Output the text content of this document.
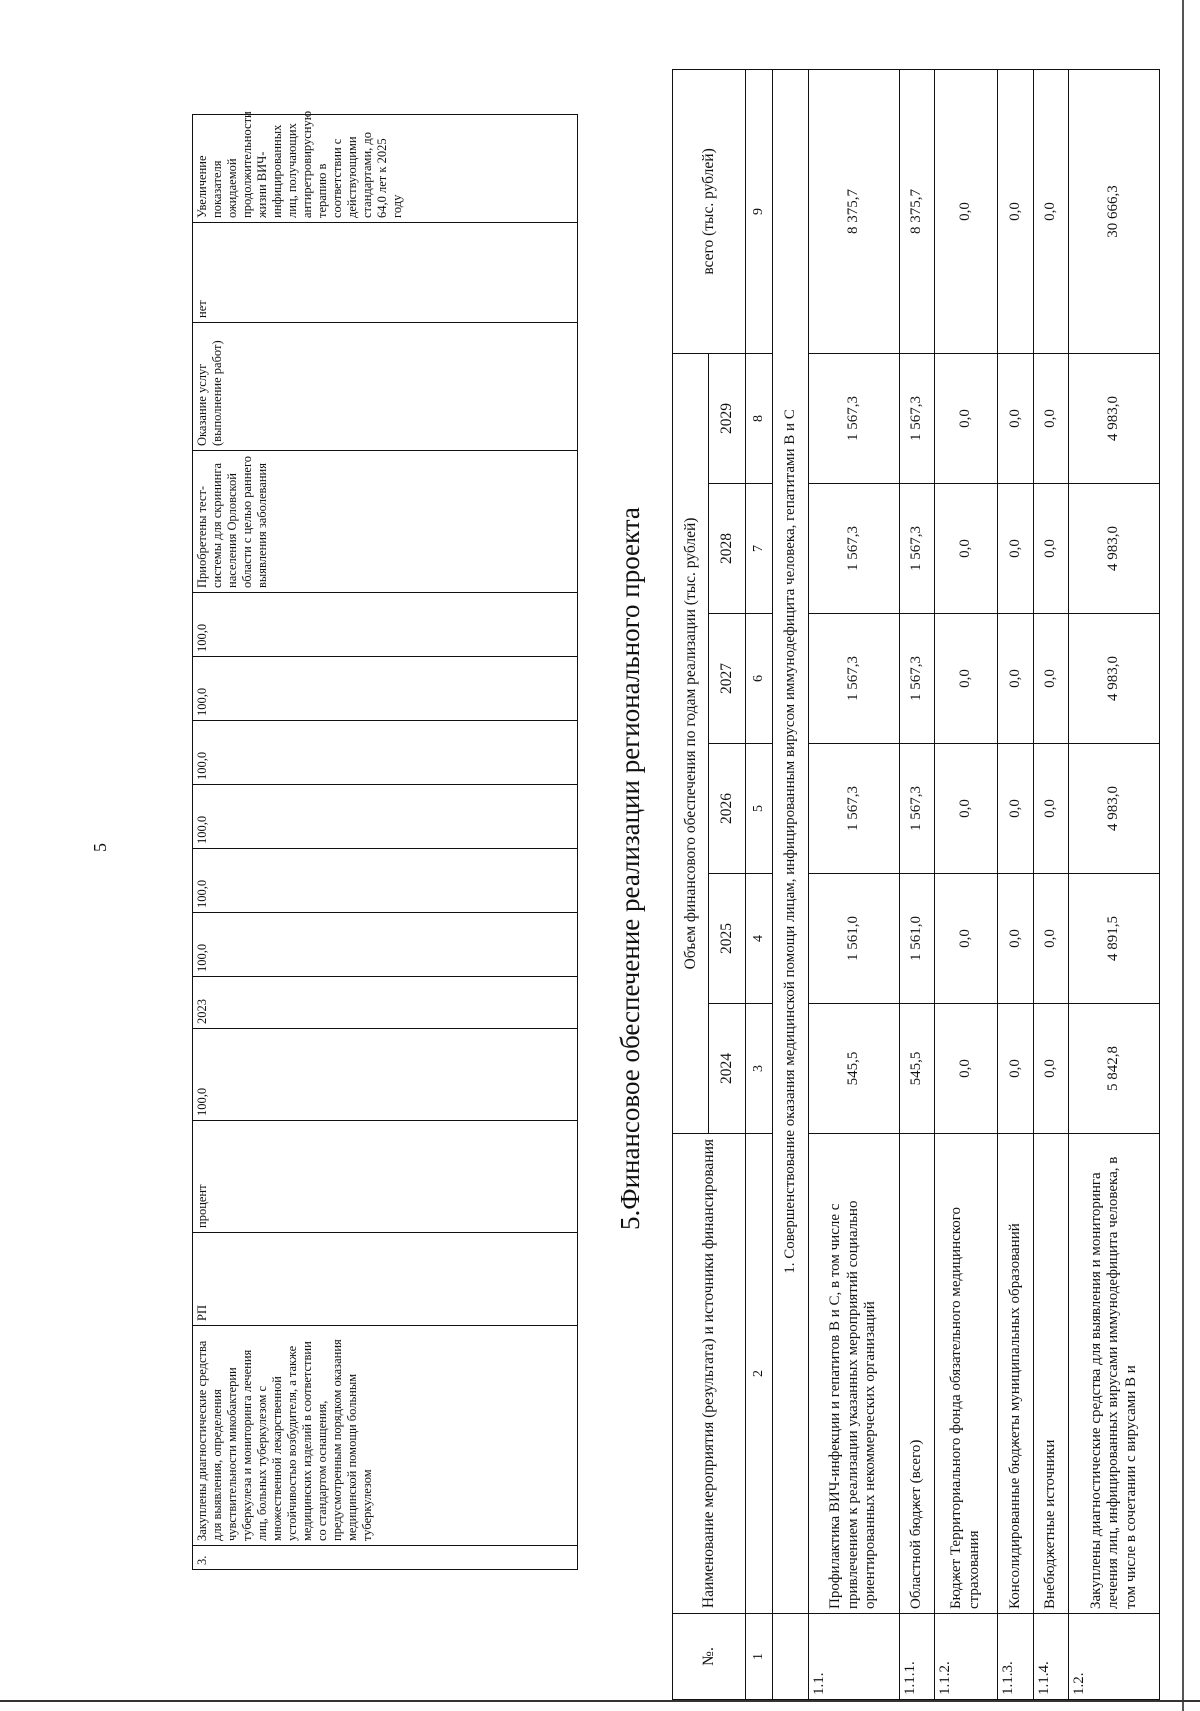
5
3.	Закуплены диагностические средства для выявления, определения чувствительности микобактерии туберкулеза и мониторинга лечения лиц, больных туберкулезом с множественной лекарственной устойчивостью возбудителя, а также медицинских изделий в соответствии со стандартом оснащения, предусмотренным порядком оказания медицинской помощи больным туберкулезом	РП	процент	100,0	2023	100,0	100,0	100,0	100,0	100,0	100,0	Приобретены тест-системы для скрининга населения Орловской области с целью раннего выявления заболевания	Оказание услуг (выполнение работ)	нет	Увеличение показателя ожидаемой продолжительности жизни ВИЧ-инфицированных лиц, получающих антиретровирусную терапию в соответствии с действующими стандартами, до 64,0 лет к 2025 году
5.Финансовое обеспечение реализации регионального проекта
№.	Наименование мероприятия (результата) и источники финансирования	Объем финансового обеспечения по годам реализации (тыс. рублей)						всего (тыс. рублей)
		2024	2025	2026	2027	2028	2029	
1	2	3	4	5	6	7	8	9
	1. Совершенствование оказания медицинской помощи лицам, инфицированным вирусом иммунодефицита человека, гепатитами В и С							
1.1.	Профилактика ВИЧ-инфекции и гепатитов В и С, в том числе с привлечением к реализации указанных мероприятий социально ориентированных некоммерческих организаций	545,5	1 561,0	1 567,3	1 567,3	1 567,3	1 567,3	8 375,7
1.1.1.	Областной бюджет (всего)	545,5	1 561,0	1 567,3	1 567,3	1 567,3	1 567,3	8 375,7
1.1.2.	Бюджет Территориального фонда обязательного медицинского страхования	0,0	0,0	0,0	0,0	0,0	0,0	0,0
1.1.3.	Консолидированные бюджеты муниципальных образований	0,0	0,0	0,0	0,0	0,0	0,0	0,0
1.1.4.	Внебюджетные источники	0,0	0,0	0,0	0,0	0,0	0,0	0,0
1.2.	Закуплены диагностические средства для выявления и мониторинга лечения лиц, инфицированных вирусами иммунодефицита человека, в том числе в сочетании с вирусами В и	5 842,8	4 891,5	4 983,0	4 983,0	4 983,0	4 983,0	30 666,3
